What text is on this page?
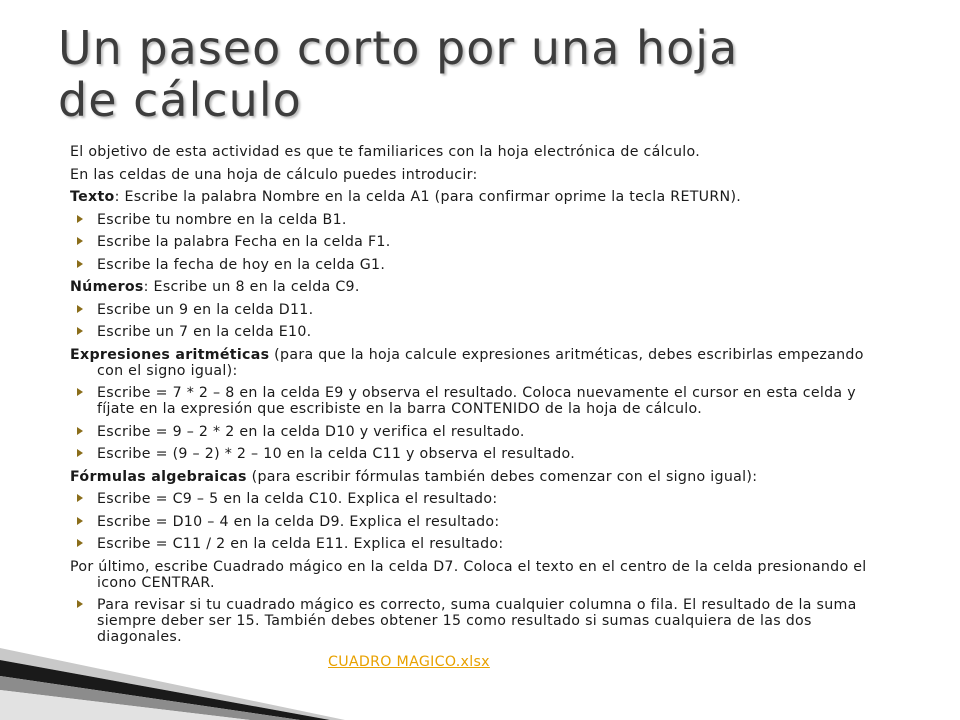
Un paseo corto por una hoja
de cálculo

El objetivo de esta actividad es que te familiarices con la hoja electrónica de cálculo.

En las celdas de una hoja de cálculo puedes introducir:

Texto: Escribe la palabra Nombre en la celda A1 (para confirmar oprime la tecla RETURN).

Escribe tu nombre en la celda B1.
Escribe la palabra Fecha en la celda F1.
Escribe la fecha de hoy en la celda G1.

Números: Escribe un 8 en la celda C9.

Escribe un 9 en la celda D11.
Escribe un 7 en la celda E10.

Expresiones aritméticas (para que la hoja calcule expresiones aritméticas, debes escribirlas empezando con el signo igual):

Escribe = 7 * 2 – 8 en la celda E9 y observa el resultado. Coloca nuevamente el cursor en esta celda y fíjate en la expresión que escribiste en la barra CONTENIDO de la hoja de cálculo.
Escribe = 9 – 2 * 2 en la celda D10 y verifica el resultado.
Escribe = (9 – 2) * 2 – 10 en la celda C11 y observa el resultado.

Fórmulas algebraicas (para escribir fórmulas también debes comenzar con el signo igual):

Escribe = C9 – 5 en la celda C10. Explica el resultado:
Escribe = D10 – 4 en la celda D9. Explica el resultado:
Escribe = C11 / 2 en la celda E11. Explica el resultado:

Por último, escribe Cuadrado mágico en la celda D7. Coloca el texto en el centro de la celda presionando el icono CENTRAR.

Para revisar si tu cuadrado mágico es correcto, suma cualquier columna o fila. El resultado de la suma siempre deber ser 15. También debes obtener 15 como resultado si sumas cualquiera de las dos diagonales.
CUADRO MAGICO.xlsx
